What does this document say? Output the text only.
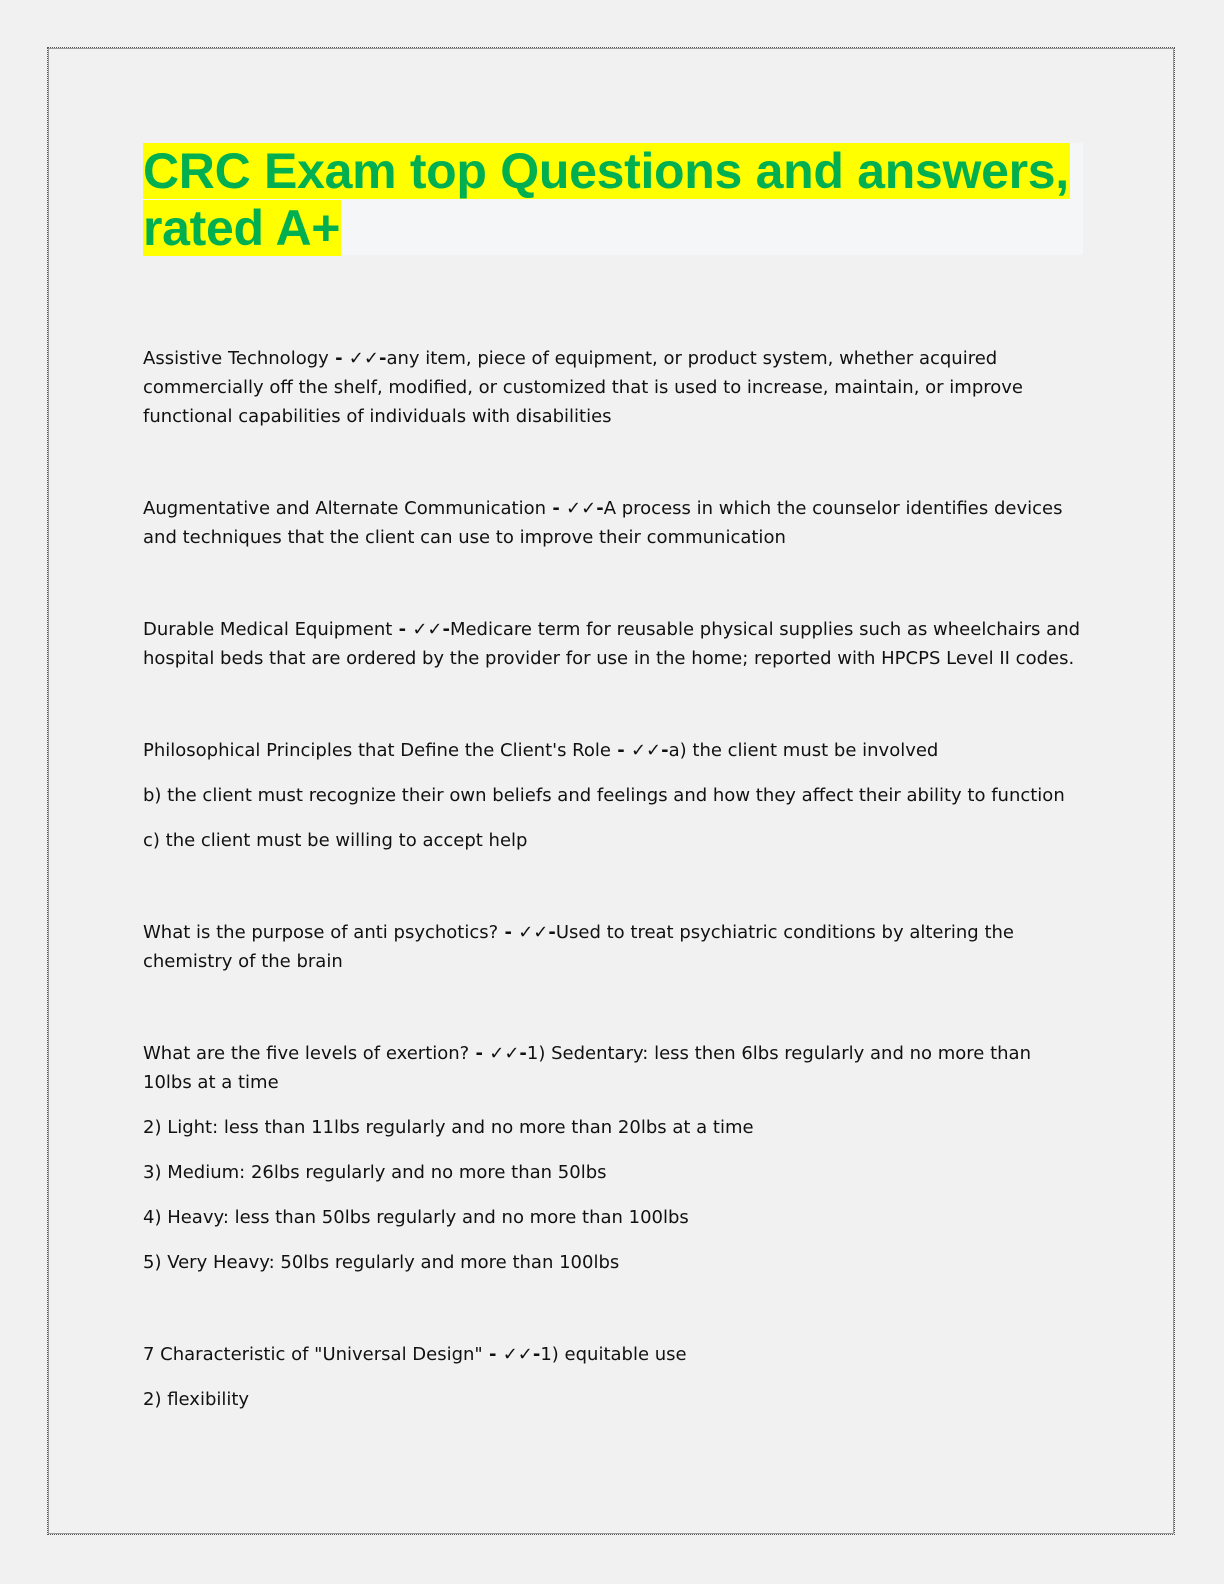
CRC Exam top Questions and answers,
rated A+

Assistive Technology - ✓✓-any item, piece of equipment, or product system, whether acquired commercially off the shelf, modified, or customized that is used to increase, maintain, or improve functional capabilities of individuals with disabilities

Augmentative and Alternate Communication - ✓✓-A process in which the counselor identifies devices and techniques that the client can use to improve their communication

Durable Medical Equipment - ✓✓-Medicare term for reusable physical supplies such as wheelchairs and hospital beds that are ordered by the provider for use in the home; reported with HPCPS Level II codes.

Philosophical Principles that Define the Client's Role - ✓✓-a) the client must be involved

b) the client must recognize their own beliefs and feelings and how they affect their ability to function

c) the client must be willing to accept help

What is the purpose of anti psychotics? - ✓✓-Used to treat psychiatric conditions by altering the chemistry of the brain

What are the five levels of exertion? - ✓✓-1) Sedentary: less then 6lbs regularly and no more than 10lbs at a time

2) Light: less than 11lbs regularly and no more than 20lbs at a time

3) Medium: 26lbs regularly and no more than 50lbs

4) Heavy: less than 50lbs regularly and no more than 100lbs

5) Very Heavy: 50lbs regularly and more than 100lbs

7 Characteristic of "Universal Design" - ✓✓-1) equitable use

2) flexibility
